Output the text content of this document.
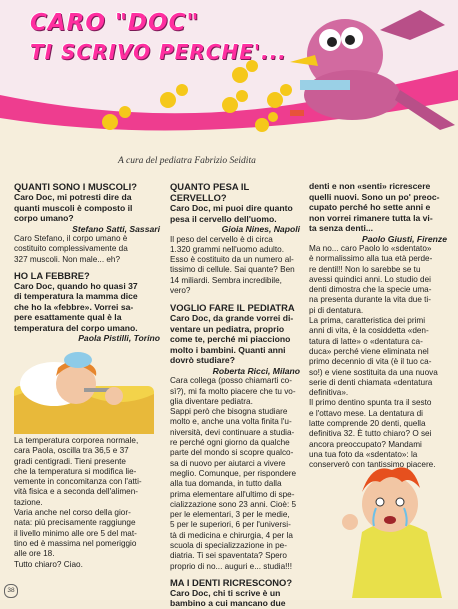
CARO "DOC"
TI SCRIVO PERCHE'...
A cura del pediatra Fabrizio Seidita

QUANTI SONO I MUSCOLI?

Caro Doc, mi potresti dire da

quanti muscoli è composto il

corpo umano?

Stefano Satti, Sassari

Caro Stefano, il corpo umano è

costituito complessivamente da

327 muscoli. Non male... eh?

HO LA FEBBRE?

Caro Doc, quando ho quasi 37

di temperatura la mamma dice

che ho la «febbre». Vorrei sa-

pere esattamente qual è la

temperatura del corpo umano.

Paola Pistilli, Torino

La temperatura corporea normale,

cara Paola, oscilla tra 36,5 e 37

gradi centigradi. Tieni presente

che la temperatura si modifica lie-

vemente in concomitanza con l'atti-

vità fisica e a seconda dell'alimen-

tazione.

Varia anche nel corso della gior-

nata: più precisamente raggiunge

il livello minimo alle ore 5 del mat-

tino ed è massima nel pomeriggio

alle ore 18.

Tutto chiaro? Ciao.

QUANTO PESA IL CERVELLO?

Caro Doc, mi puoi dire quanto

pesa il cervello dell'uomo.

Gioia Nines, Napoli

Il peso del cervello è di circa

1.320 grammi nell'uomo adulto.

Esso è costituito da un numero al-

tissimo di cellule. Sai quante? Ben

14 miliardi. Sembra incredibile,

vero?

VOGLIO FARE IL PEDIATRA

Caro Doc, da grande vorrei di-

ventare un pediatra, proprio

come te, perché mi piacciono

molto i bambini. Quanti anni

dovrò studiare?

Roberta Ricci, Milano

Cara collega (posso chiamarti co-

sì?), mi fa molto piacere che tu vo-

glia diventare pediatra.

Sappi però che bisogna studiare

molto e, anche una volta finita l'u-

niversità, devi continuare a studia-

re perché ogni giorno da qualche

parte del mondo si scopre qualco-

sa di nuovo per aiutarci a vivere

meglio. Comunque, per rispondere

alla tua domanda, in tutto dalla

prima elementare all'ultimo di spe-

cializzazione sono 23 anni. Cioè: 5

per le elementari, 3 per le medie,

5 per le superiori, 6 per l'universi-

tà di medicina e chirurgia, 4 per la

scuola di specializzazione in pe-

diatria. Ti sei spaventata? Spero

proprio di no... auguri e... studia!!!

MA I DENTI RICRESCONO?

Caro Doc, chi ti scrive è un

bambino a cui mancano due

denti e non «senti» ricrescere

quelli nuovi. Sono un po' preoc-

cupato perché ho sette anni e

non vorrei rimanere tutta la vi-

ta senza denti...

Paolo Giusti, Firenze

Ma no... caro Paolo lo «sdentato»

è normalissimo alla tua età perde-

re dentil!! Non lo sarebbe se tu

avessi quindici anni. Lo studio dei

denti dimostra che la specie uma-

na presenta durante la vita due ti-

pi di dentatura.

La prima, caratteristica dei primi

anni di vita, è la cosiddetta «den-

tatura di latte» o «dentatura ca-

duca» perché viene eliminata nel

primo decennio di vita (è il tuo ca-

so!) e viene sostituita da una nuova

serie di denti chiamata «dentatura

definitiva».

Il primo dentino spunta tra il sesto

e l'ottavo mese. La dentatura di

latte comprende 20 denti, quella

definitiva 32. È tutto chiaro? O sei

ancora preoccupato? Mandami

una tua foto da «sdentato»: la

conserverò con tantissimo piacere.

38
